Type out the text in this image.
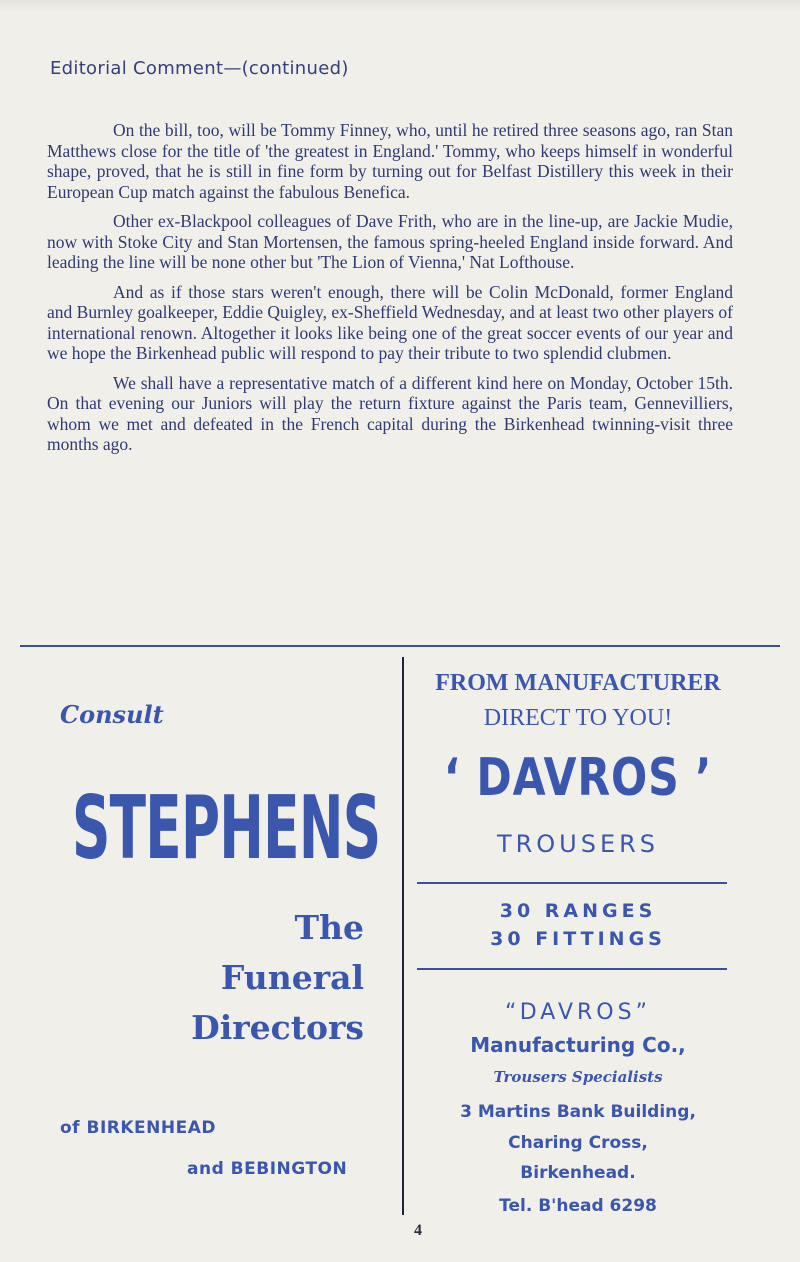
Editorial Comment—(continued)

On the bill, too, will be Tommy Finney, who, until he retired three seasons ago, ran Stan Matthews close for the title of 'the greatest in England.' Tommy, who keeps himself in wonderful shape, proved, that he is still in fine form by turning out for Belfast Distillery this week in their European Cup match against the fabulous Benefica.

Other ex-Blackpool colleagues of Dave Frith, who are in the line-up, are Jackie Mudie, now with Stoke City and Stan Mortensen, the famous spring-heeled England inside forward. And leading the line will be none other but 'The Lion of Vienna,' Nat Lofthouse.

And as if those stars weren't enough, there will be Colin McDonald, former England and Burnley goalkeeper, Eddie Quigley, ex-Sheffield Wednesday, and at least two other players of international renown. Altogether it looks like being one of the great soccer events of our year and we hope the Birkenhead public will respond to pay their tribute to two splendid clubmen.

We shall have a representative match of a different kind here on Monday, October 15th. On that evening our Juniors will play the return fixture against the Paris team, Gennevilliers, whom we met and defeated in the French capital during the Birkenhead twinning-visit three months ago.

Consult
STEPHENS
The
Funeral
Directors
of BIRKENHEAD
and BEBINGTON
FROM MANUFACTURER
DIRECT TO YOU!
‘ DAVROS ’
TROUSERS
30 RANGES
30 FITTINGS
“DAVROS”
Manufacturing Co.,
Trousers Specialists
3 Martins Bank Building,
Charing Cross,
Birkenhead.
Tel. B'head 6298
4
